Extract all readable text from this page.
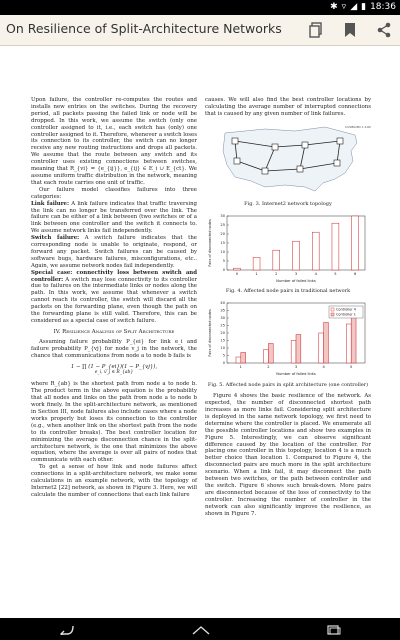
✱ ▿ ◢ ▮ 18:36
On Resilience of Split-Architecture Networks

Upon failure, the controller re-computes the routes and installs new entries on the switches. During the recovery period, all packets passing the failed link or node will be dropped. In this work, we assume the switch (only one controller assigned to it, i.e., each switch has (only) one controller assigned to it. Therefore, whenever a switch loses its connection to its controller, the switch can no longer receive any new routing instructions and drops all packets. We assume that the route between any switch and its controller uses existing connections between switches, meaning that R_{vi} = {e_{ij}}, e_{ij} ∈ E_i ∪ E_{ct}. We assume uniform traffic distribution in the network, meaning that each route carries one unit of traffic.

Our failure model classifies failures into three categories:

Link failure: A link failure indicates that traffic traversing the link can no longer be transferred over the link. The failure can be either of a link between (two switches or of a link between one controller and the switch it connects to. We assume network links fail independently.

Switch failure: A switch failure indicates that the corresponding node is unable to originate, respond, or forward any packet. Switch failures can be caused by software bugs, hardware failures, misconfigurations, etc.. Again, we assume network nodes fail independently.

Special case: connectivity loss between switch and controller: A switch may lose connectivity to its controller due to failures on the intermediate links or nodes along the path. In this work, we assume that whenever a switch cannot reach its controller, the switch will discard all the packets on the forwarding plane, even though the path on the forwarding plane is still valid. Therefore, this can be considered as a special case of switch failure.

IV. Resilience Analysis of Split Architecture

Assuming failure probability P_{ei} for link e_i and failure probability P_{vj} for node v_j in the network, the chance that communications from node a to node b fails is

1 − ∏ (1 − P_{ei})(1 − P_{vj}),
e_i, v_j ∈ R_{ab}

where R_{ab} is the shortest path from node a to node b. The product term in the above equation is the probability that all nodes and links on the path from node a to node b work finely. In the split-architecture network, as mentioned in Section III, node failures also include cases where a node works properly but loses its connection to the controller (e.g., when another link on the shortest path from the node to its controller breaks). The best controller location for minimizing the average disconnection chance in the split-architecture network, is the one that minimizes the above equation, where the average is over all pairs of nodes that communicate with each other.

To get a sense of how link and node failures affect connections in a split-architecture network, we make some calculations in an example network, with the topology of Internet2 [22] network, as shown in Figure 3. Here, we will calculate the number of connections that each link failure

causes. We will also find the best controller locations by calculating the average number of interrupted connections that is caused by any given number of link failures.

CUSBN-BD 1:1000
Fig. 3. Internet2 network topology
0
5
10
15
20
25
30
0	1	2	3	4	5	6
Number of failed links
Pairs of disconnected nodes
Fig. 4. Affected node pairs in traditional network
0
5
10
15
20
25
30
35
40
1	2	3	4	5
Number of failed links
Pairs of disconnected nodes	Controller 4
Controller 1
Fig. 5. Affected node pairs in split architecture (one controller)

Figure 4 shows the basic resilience of the network. As expected, the number of disconnected shortest path increases as more links fail. Considering split architecture is deployed in the same network topology, we first need to determine where the controller is placed. We enumerate all the possible controller locations and show two examples in Figure 5. Interestingly, we can observe significant difference caused by the location of the controller. For placing one controller in this topology, location 4 is a much better choice than location 1. Compared to Figure 4, the disconnected pairs are much more in the split architecture scenario. When a link fail, it may disconnect the path between two switches, or the path between controller and the switch. Figure 6 shows such break-down. More pairs are disconnected because of the loss of connectivity to the controller. Increasing the number of controller in the network can also significantly improve the resilience, as shown in Figure 7.
